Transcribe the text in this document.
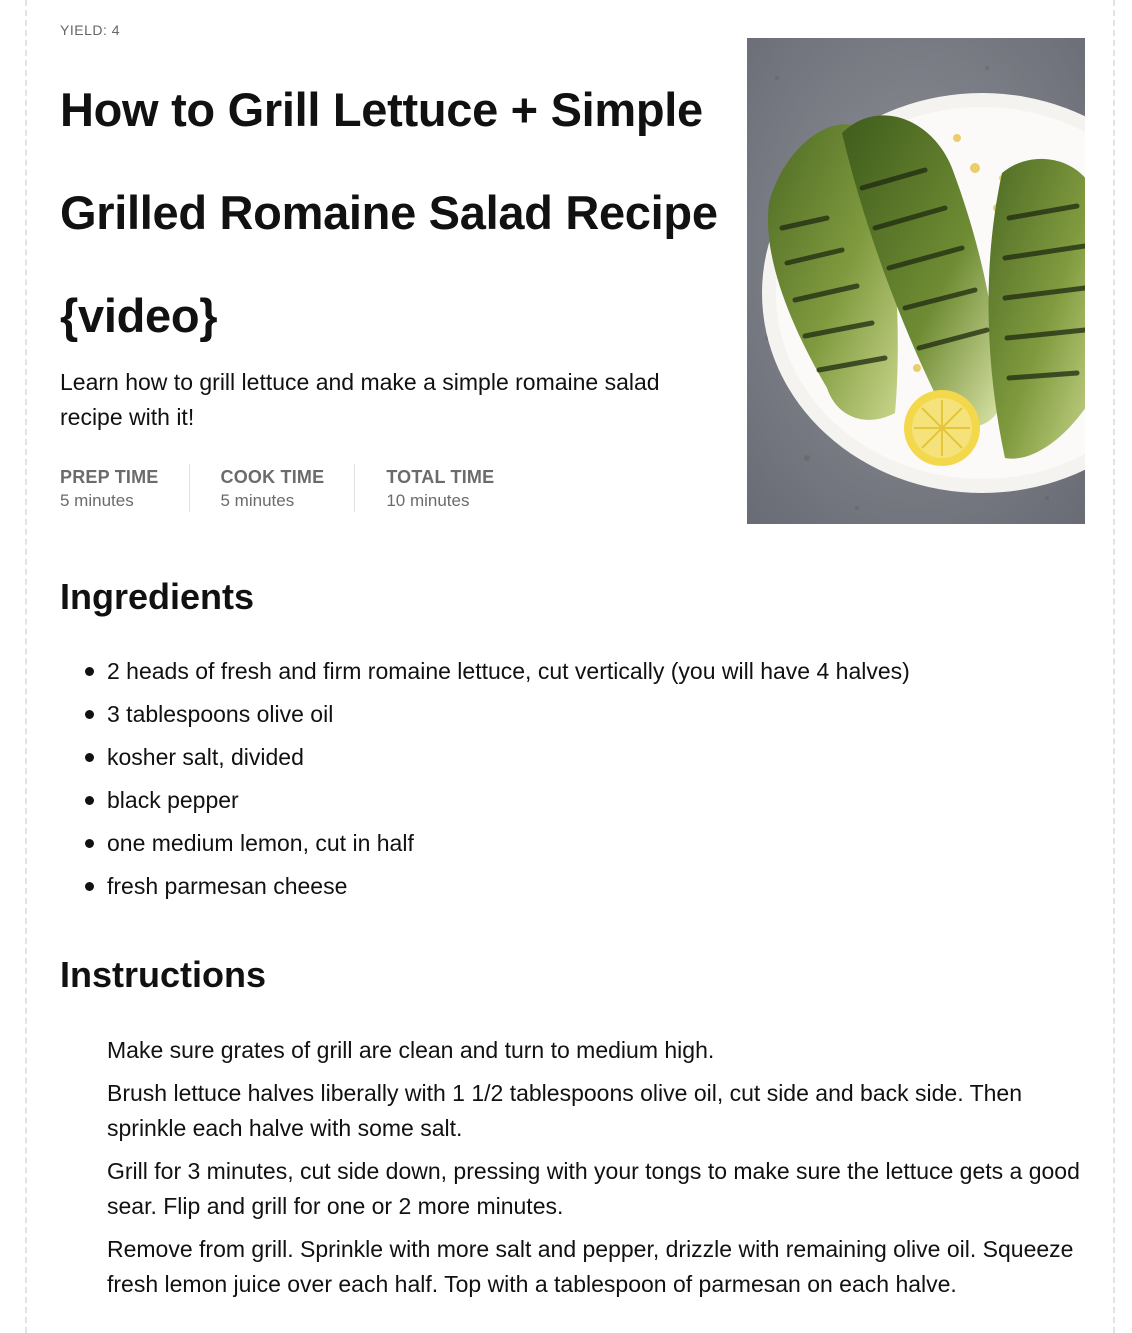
YIELD: 4
How to Grill Lettuce + Simple Grilled Romaine Salad Recipe {video}

Learn how to grill lettuce and make a simple romaine salad recipe with it!

PREP TIME
5 minutes
COOK TIME
5 minutes
TOTAL TIME
10 minutes
Ingredients
2 heads of fresh and firm romaine lettuce, cut vertically (you will have 4 halves)
3 tablespoons olive oil
kosher salt, divided
black pepper
one medium lemon, cut in half
fresh parmesan cheese
Instructions
Make sure grates of grill are clean and turn to medium high.
Brush lettuce halves liberally with 1 1/2 tablespoons olive oil, cut side and back side. Then sprinkle each halve with some salt.
Grill for 3 minutes, cut side down, pressing with your tongs to make sure the lettuce gets a good sear. Flip and grill for one or 2 more minutes.
Remove from grill. Sprinkle with more salt and pepper, drizzle with remaining olive oil. Squeeze fresh lemon juice over each half. Top with a tablespoon of parmesan on each halve.
